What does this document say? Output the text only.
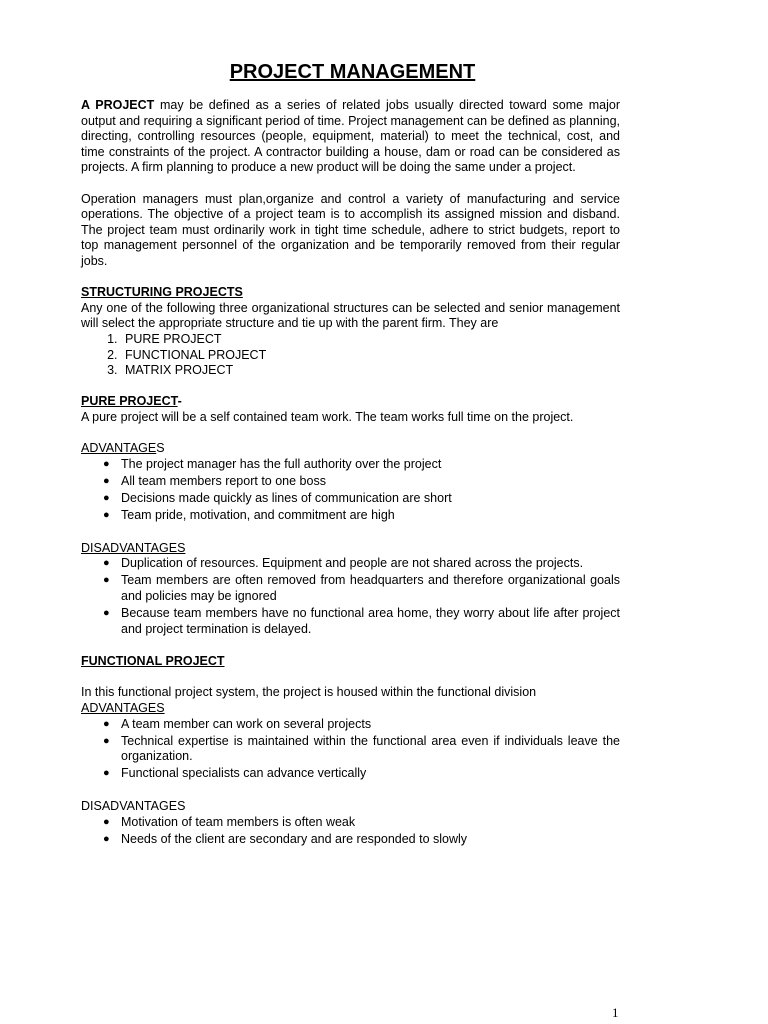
PROJECT MANAGEMENT

A PROJECT may be defined as a series of related jobs usually directed toward some major output and requiring a significant period of time. Project management can be defined as planning, directing, controlling resources (people, equipment, material) to meet the technical, cost, and time constraints of the project. A contractor building a house, dam or road can be considered as projects. A firm planning to produce a new product will be doing the same under a project.

Operation managers must plan,organize and control a variety of manufacturing and service operations. The objective of a project team is to accomplish its assigned mission and disband. The project team must ordinarily work in tight time schedule, adhere to strict budgets, report to top management personnel of the organization and be temporarily removed from their regular jobs.

STRUCTURING PROJECTS

Any one of the following three organizational structures can be selected and senior management will select the appropriate structure and tie up with the parent firm. They are

1. PURE PROJECT
2. FUNCTIONAL PROJECT
3. MATRIX PROJECT
PURE PROJECT-

A pure project will be a self contained team work. The team works full time on the project.

ADVANTAGES
● The project manager has the full authority over the project
● All team members report to one boss
● Decisions made quickly as lines of communication are short
● Team pride, motivation, and commitment are high
DISADVANTAGES
● Duplication of resources. Equipment and people are not shared across the projects.
● Team members are often removed from headquarters and therefore organizational goals and policies may be ignored
● Because team members have no functional area home, they worry about life after project and project termination is delayed.
FUNCTIONAL PROJECT

In this functional project system, the project is housed within the functional division

ADVANTAGES
● A team member can work on several projects
● Technical expertise is maintained within the functional area even if individuals leave the organization.
● Functional specialists can advance vertically
DISADVANTAGES
● Motivation of team members is often weak
● Needs of the client are secondary and are responded to slowly
1
